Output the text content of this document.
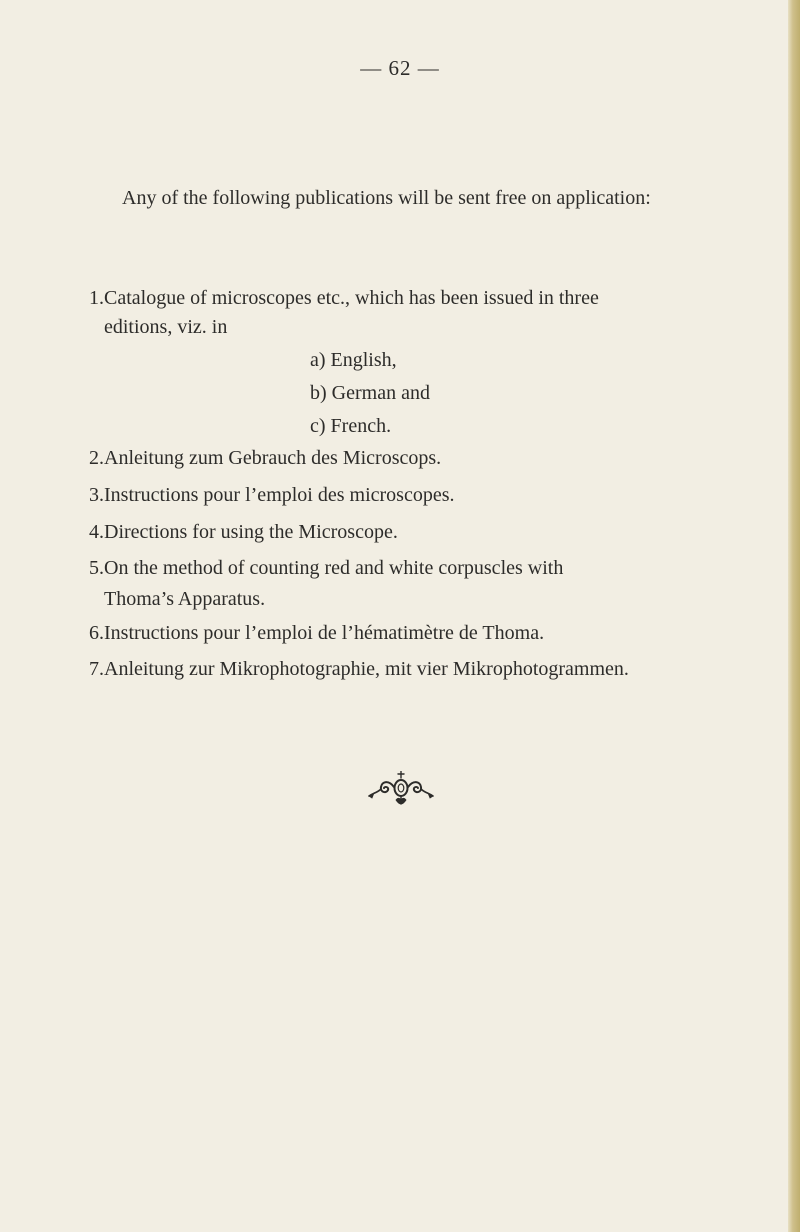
— 62 —

Any of the following publications will be sent free on application:

1. Catalogue of microscopes etc., which has been issued in three
editions, viz. in
a) English,
b) German and
c) French.
2. Anleitung zum Gebrauch des Microscops.
3. Instructions pour l’emploi des microscopes.
4. Directions for using the Microscope.
5. On the method of counting red and white corpuscles with
Thoma’s Apparatus.
6. Instructions pour l’emploi de l’hématimètre de Thoma.
7. Anleitung zur Mikrophotographie, mit vier Mikrophotogrammen.
